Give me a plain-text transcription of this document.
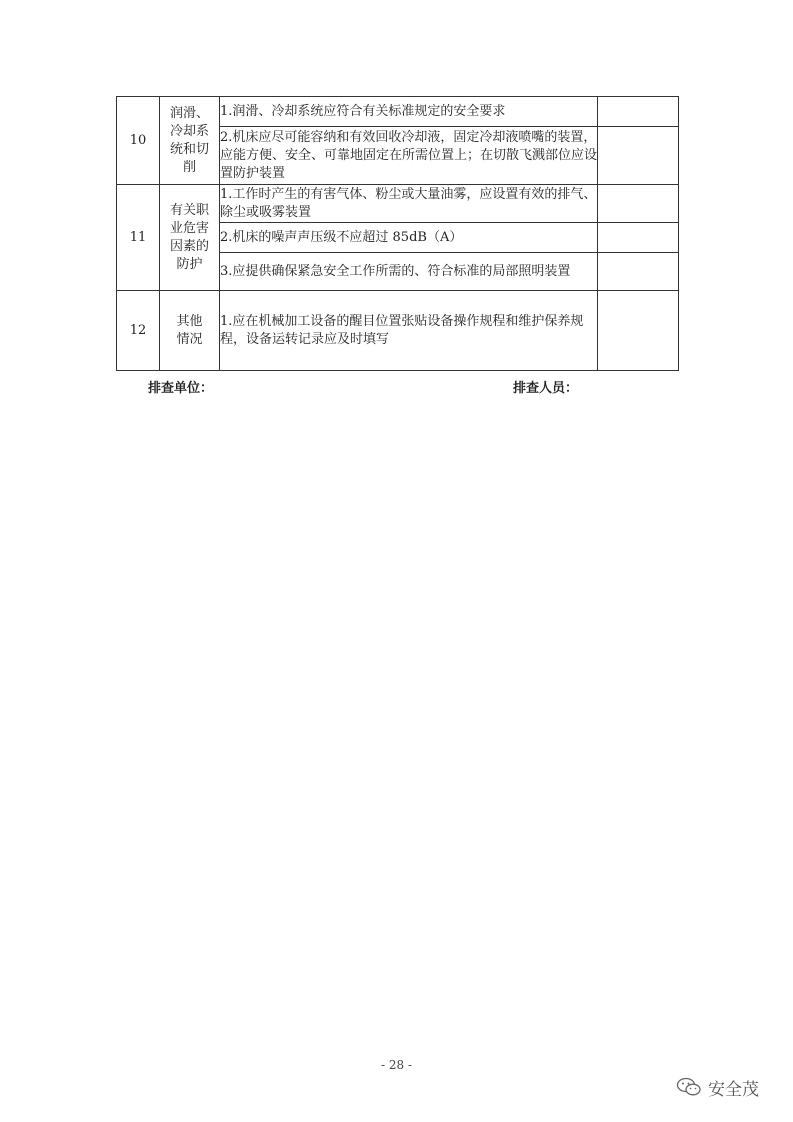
10	润滑、
冷却系
统和切
削	1.润滑、冷却系统应符合有关标准规定的安全要求	
		2.机床应尽可能容纳和有效回收冷却液，固定冷却液喷嘴的装置，应能方便、安全、可靠地固定在所需位置上；在切散飞溅部位应设置防护装置	
11	有关职
业危害
因素的
防护	1.工作时产生的有害气体、粉尘或大量油雾，应设置有效的排气、除尘或吸雾装置	
		2.机床的噪声声压级不应超过 85dB（A）	
		3.应提供确保紧急安全工作所需的、符合标准的局部照明装置	
12	其他
情况	1.应在机械加工设备的醒目位置张贴设备操作规程和维护保养规程，设备运转记录应及时填写	
排查单位：	排查人员：
- 28 -
安全茂
